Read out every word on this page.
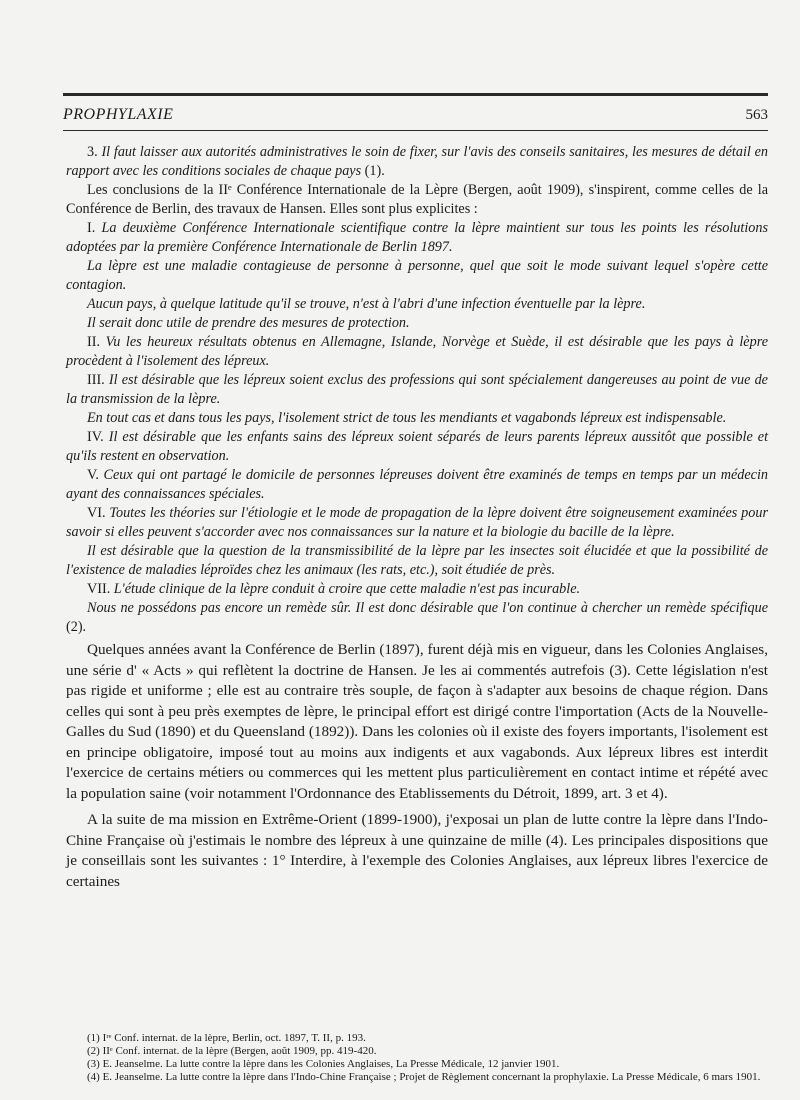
PROPHYLAXIE	563

3. Il faut laisser aux autorités administratives le soin de fixer, sur l'avis des conseils sanitaires, les mesures de détail en rapport avec les conditions sociales de chaque pays (1).

Les conclusions de la IIᵉ Conférence Internationale de la Lèpre (Bergen, août 1909), s'inspirent, comme celles de la Conférence de Berlin, des travaux de Hansen. Elles sont plus explicites :

I. La deuxième Conférence Internationale scientifique contre la lèpre maintient sur tous les points les résolutions adoptées par la première Conférence Internationale de Berlin 1897.

La lèpre est une maladie contagieuse de personne à personne, quel que soit le mode suivant lequel s'opère cette contagion.

Aucun pays, à quelque latitude qu'il se trouve, n'est à l'abri d'une infection éventuelle par la lèpre.

Il serait donc utile de prendre des mesures de protection.

II. Vu les heureux résultats obtenus en Allemagne, Islande, Norvège et Suède, il est désirable que les pays à lèpre procèdent à l'isolement des lépreux.

III. Il est désirable que les lépreux soient exclus des professions qui sont spécialement dangereuses au point de vue de la transmission de la lèpre.

En tout cas et dans tous les pays, l'isolement strict de tous les mendiants et vagabonds lépreux est indispensable.

IV. Il est désirable que les enfants sains des lépreux soient séparés de leurs parents lépreux aussitôt que possible et qu'ils restent en observation.

V. Ceux qui ont partagé le domicile de personnes lépreuses doivent être examinés de temps en temps par un médecin ayant des connaissances spéciales.

VI. Toutes les théories sur l'étiologie et le mode de propagation de la lèpre doivent être soigneusement examinées pour savoir si elles peuvent s'accorder avec nos connaissances sur la nature et la biologie du bacille de la lèpre.

Il est désirable que la question de la transmissibilité de la lèpre par les insectes soit élucidée et que la possibilité de l'existence de maladies léproïdes chez les animaux (les rats, etc.), soit étudiée de près.

VII. L'étude clinique de la lèpre conduit à croire que cette maladie n'est pas incurable.

Nous ne possédons pas encore un remède sûr. Il est donc désirable que l'on continue à chercher un remède spécifique (2).

Quelques années avant la Conférence de Berlin (1897), furent déjà mis en vigueur, dans les Colonies Anglaises, une série d' « Acts » qui reflètent la doctrine de Hansen. Je les ai commentés autrefois (3). Cette législation n'est pas rigide et uniforme ; elle est au contraire très souple, de façon à s'adapter aux besoins de chaque région. Dans celles qui sont à peu près exemptes de lèpre, le principal effort est dirigé contre l'importation (Acts de la Nouvelle-Galles du Sud (1890) et du Queensland (1892)). Dans les colonies où il existe des foyers importants, l'isolement est en principe obligatoire, imposé tout au moins aux indigents et aux vagabonds. Aux lépreux libres est interdit l'exercice de certains métiers ou commerces qui les mettent plus particulièrement en contact intime et répété avec la population saine (voir notamment l'Ordonnance des Etablissements du Détroit, 1899, art. 3 et 4).

A la suite de ma mission en Extrême-Orient (1899-1900), j'exposai un plan de lutte contre la lèpre dans l'Indo-Chine Française où j'estimais le nombre des lépreux à une quinzaine de mille (4). Les principales dispositions que je conseillais sont les suivantes : 1° Interdire, à l'exemple des Colonies Anglaises, aux lépreux libres l'exercice de certaines

(1) Iʳᵉ Conf. internat. de la lèpre, Berlin, oct. 1897, T. II, p. 193.

(2) IIᵉ Conf. internat. de la lèpre (Bergen, août 1909, pp. 419-420.

(3) E. Jeanselme. La lutte contre la lèpre dans les Colonies Anglaises, La Presse Médicale, 12 janvier 1901.

(4) E. Jeanselme. La lutte contre la lèpre dans l'Indo-Chine Française ; Projet de Règlement concernant la prophylaxie. La Presse Médicale, 6 mars 1901.
